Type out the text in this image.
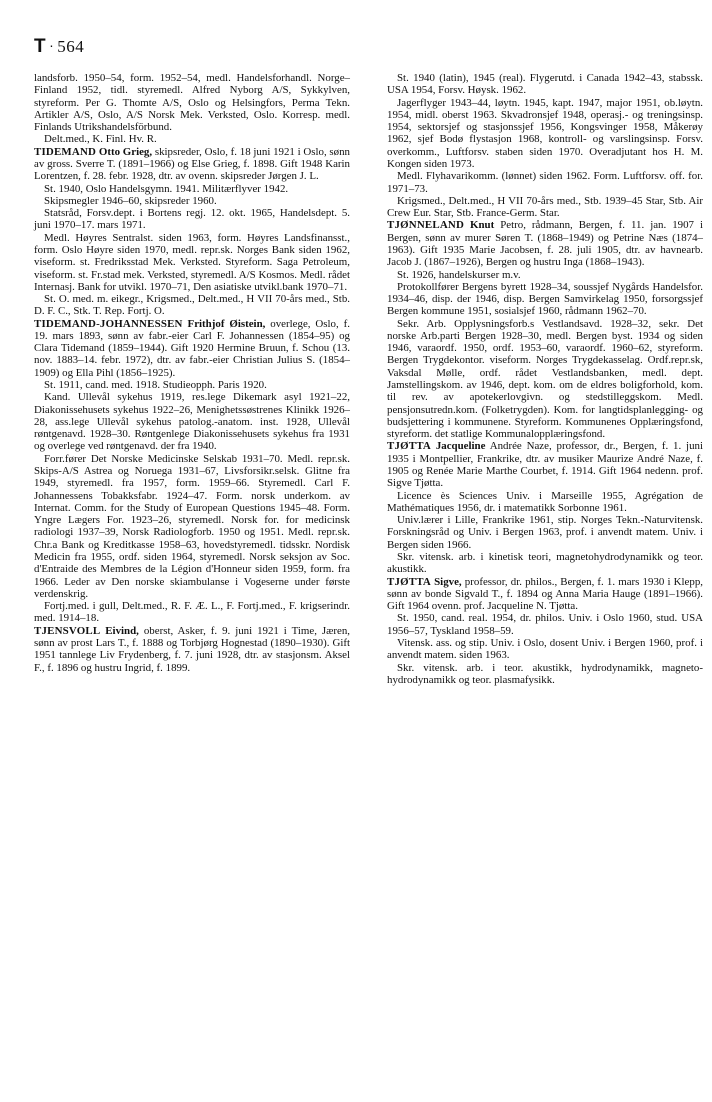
T · 564

landsforb. 1950–54, form. 1952–54, medl. Handelsforhandl. Norge–Finland 1952, tidl. styremedl. Alfred Nyborg A/S, Sykkylven, styreform. Per G. Thomte A/S, Oslo og Helsingfors, Perma Tekn. Artikler A/S, Oslo, A/S Norsk Mek. Verksted, Oslo. Korresp. medl. Finlands Utrikshandelsförbund.

Delt.med., K. Finl. Hv. R.

TIDEMAND Otto Grieg, skipsreder, Oslo, f. 18 juni 1921 i Oslo, sønn av gross. Sverre T. (1891–1966) og Else Grieg, f. 1898. Gift 1948 Karin Lorentzen, f. 28. febr. 1928, dtr. av ovenn. skipsreder Jørgen J. L.

St. 1940, Oslo Handelsgymn. 1941. Militærflyver 1942.

Skipsmegler 1946–60, skipsreder 1960.

Statsråd, Forsv.dept. i Bortens regj. 12. okt. 1965, Handelsdept. 5. juni 1970–17. mars 1971.

Medl. Høyres Sentralst. siden 1963, form. Høyres Landsfinansst., form. Oslo Høyre siden 1970, medl. repr.sk. Norges Bank siden 1962, viseform. st. Fredriksstad Mek. Verksted. Styreform. Saga Petroleum, viseform. st. Fr.stad mek. Verksted, styremedl. A/S Kosmos. Medl. rådet Internasj. Bank for utvikl. 1970–71, Den asiatiske utvikl.bank 1970–71.

St. O. med. m. eikegr., Krigsmed., Delt.med., H VII 70-års med., Stb. D. F. C., Stk. T. Rep. Fortj. O.

TIDEMAND-JOHANNESSEN Frithjof Øistein, overlege, Oslo, f. 19. mars 1893, sønn av fabr.-eier Carl F. Johannessen (1854–95) og Clara Tidemand (1859–1944). Gift 1920 Hermine Bruun, f. Schou (13. nov. 1883–14. febr. 1972), dtr. av fabr.-eier Christian Julius S. (1854–1909) og Ella Pihl (1856–1925).

St. 1911, cand. med. 1918. Studieopph. Paris 1920.

Kand. Ullevål sykehus 1919, res.lege Dikemark asyl 1921–22, Diakonissehusets sykehus 1922–26, Menighetssøstrenes Klinikk 1926–28, ass.lege Ullevål sykehus patolog.-anatom. inst. 1928, Ullevål røntgenavd. 1928–30. Røntgenlege Diakonissehusets sykehus fra 1931 og overlege ved røntgenavd. der fra 1940.

Forr.fører Det Norske Medicinske Selskab 1931–70. Medl. repr.sk. Skips-A/S Astrea og Noruega 1931–67, Livsforsikr.selsk. Glitne fra 1949, styremedl. fra 1957, form. 1959–66. Styremedl. Carl F. Johannessens Tobakksfabr. 1924–47. Form. norsk underkom. av Internat. Comm. for the Study of European Questions 1945–48. Form. Yngre Lægers For. 1923–26, styremedl. Norsk for. for medicinsk radiologi 1937–39, Norsk Radiologforb. 1950 og 1951. Medl. repr.sk. Chr.a Bank og Kreditkasse 1958–63, hovedstyremedl. tidsskr. Nordisk Medicin fra 1955, ordf. siden 1964, styremedl. Norsk seksjon av Soc. d'Entraide des Membres de la Légion d'Honneur siden 1959, form. fra 1966. Leder av Den norske skiambulanse i Vogeserne under første verdenskrig.

Fortj.med. i gull, Delt.med., R. F. Æ. L., F. Fortj.med., F. krigserindr. med. 1914–18.

TJENSVOLL Eivind, oberst, Asker, f. 9. juni 1921 i Time, Jæren, sønn av prost Lars T., f. 1888 og Torbjørg Hognestad (1890–1930). Gift 1951 tannlege Liv Frydenberg, f. 7. juni 1928, dtr. av stasjonsm. Aksel F., f. 1896 og hustru Ingrid, f. 1899.

St. 1940 (latin), 1945 (real). Flygerutd. i Canada 1942–43, stabssk. USA 1954, Forsv. Høysk. 1962.

Jagerflyger 1943–44, løytn. 1945, kapt. 1947, major 1951, ob.løytn. 1954, midl. oberst 1963. Skvadronsjef 1948, operasj.- og treningsinsp. 1954, sektorsjef og stasjonssjef 1956, Kongsvinger 1958, Måkerøy 1962, sjef Bodø flystasjon 1968, kontroll- og varslingsinsp. Forsv. overkomm., Luftforsv. staben siden 1970. Overadjutant hos H. M. Kongen siden 1973.

Medl. Flyhavarikomm. (lønnet) siden 1962. Form. Luftforsv. off. for. 1971–73.

Krigsmed., Delt.med., H VII 70-års med., Stb. 1939–45 Star, Stb. Air Crew Eur. Star, Stb. France-Germ. Star.

TJØNNELAND Knut Petro, rådmann, Bergen, f. 11. jan. 1907 i Bergen, sønn av murer Søren T. (1868–1949) og Petrine Næs (1874–1963). Gift 1935 Marie Jacobsen, f. 28. juli 1905, dtr. av havnearb. Jacob J. (1867–1926), Bergen og hustru Inga (1868–1943).

St. 1926, handelskurser m.v.

Protokollfører Bergens byrett 1928–34, soussjef Nygårds Handelsfor. 1934–46, disp. der 1946, disp. Bergen Samvirkelag 1950, forsorgssjef Bergen kommune 1951, sosialsjef 1960, rådmann 1962–70.

Sekr. Arb. Opplysningsforb.s Vestlandsavd. 1928–32, sekr. Det norske Arb.parti Bergen 1928–30, medl. Bergen byst. 1934 og siden 1946, varaordf. 1950, ordf. 1953–60, varaordf. 1960–62, styreform. Bergen Trygdekontor. viseform. Norges Trygdekasselag. Ordf.repr.sk, Vaksdal Mølle, ordf. rådet Vestlandsbanken, medl. dept. Jamstellingskom. av 1946, dept. kom. om de eldres boligforhold, kom. til rev. av apotekerlovgivn. og stedstilleggskom. Medl. pensjonsutredn.kom. (Folketrygden). Kom. for langtidsplanlegging- og budsjettering i kommunene. Styreform. Kommunenes Opplæringsfond, styreform. det statlige Kommunalopplæringsfond.

TJØTTA Jacqueline Andrée Naze, professor, dr., Bergen, f. 1. juni 1935 i Montpellier, Frankrike, dtr. av musiker Maurize André Naze, f. 1905 og Renée Marie Marthe Courbet, f. 1914. Gift 1964 nedenn. prof. Sigve Tjøtta.

Licence ès Sciences Univ. i Marseille 1955, Agrégation de Mathématiques 1956, dr. i matematikk Sorbonne 1961.

Univ.lærer i Lille, Frankrike 1961, stip. Norges Tekn.-Naturvitensk. Forskningsråd og Univ. i Bergen 1963, prof. i anvendt matem. Univ. i Bergen siden 1966.

Skr. vitensk. arb. i kinetisk teori, magnetohydrodynamikk og teor. akustikk.

TJØTTA Sigve, professor, dr. philos., Bergen, f. 1. mars 1930 i Klepp, sønn av bonde Sigvald T., f. 1894 og Anna Maria Hauge (1891–1966). Gift 1964 ovenn. prof. Jacqueline N. Tjøtta.

St. 1950, cand. real. 1954, dr. philos. Univ. i Oslo 1960, stud. USA 1956–57, Tyskland 1958–59.

Vitensk. ass. og stip. Univ. i Oslo, dosent Univ. i Bergen 1960, prof. i anvendt matem. siden 1963.

Skr. vitensk. arb. i teor. akustikk, hydrodynamikk, magneto-hydrodynamikk og teor. plasmafysikk.
